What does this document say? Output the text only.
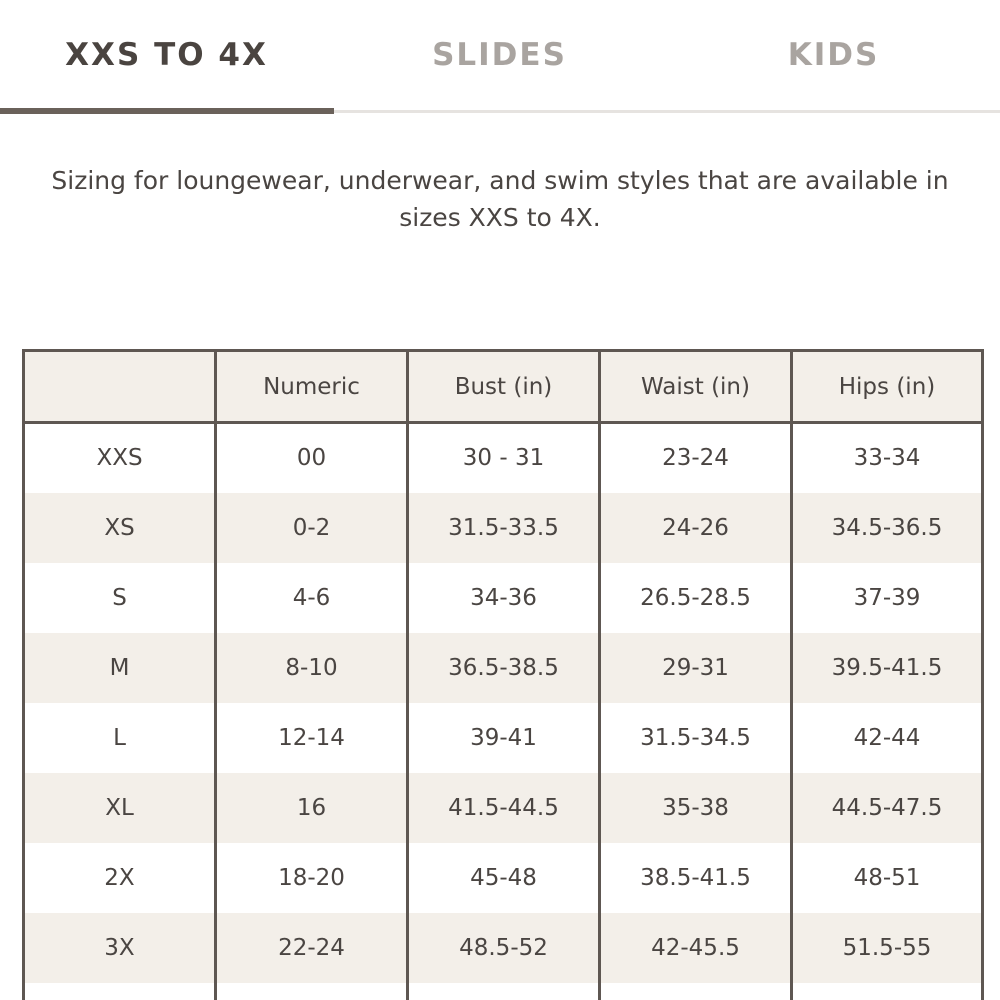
XXS TO 4X	SLIDES	KIDS
Sizing for loungewear, underwear, and swim styles that are available in sizes XXS to 4X.
	Numeric	Bust (in)	Waist (in)	Hips (in)
XXS	00	30 - 31	23-24	33-34
XS	0-2	31.5-33.5	24-26	34.5-36.5
S	4-6	34-36	26.5-28.5	37-39
M	8-10	36.5-38.5	29-31	39.5-41.5
L	12-14	39-41	31.5-34.5	42-44
XL	16	41.5-44.5	35-38	44.5-47.5
2X	18-20	45-48	38.5-41.5	48-51
3X	22-24	48.5-52	42-45.5	51.5-55
